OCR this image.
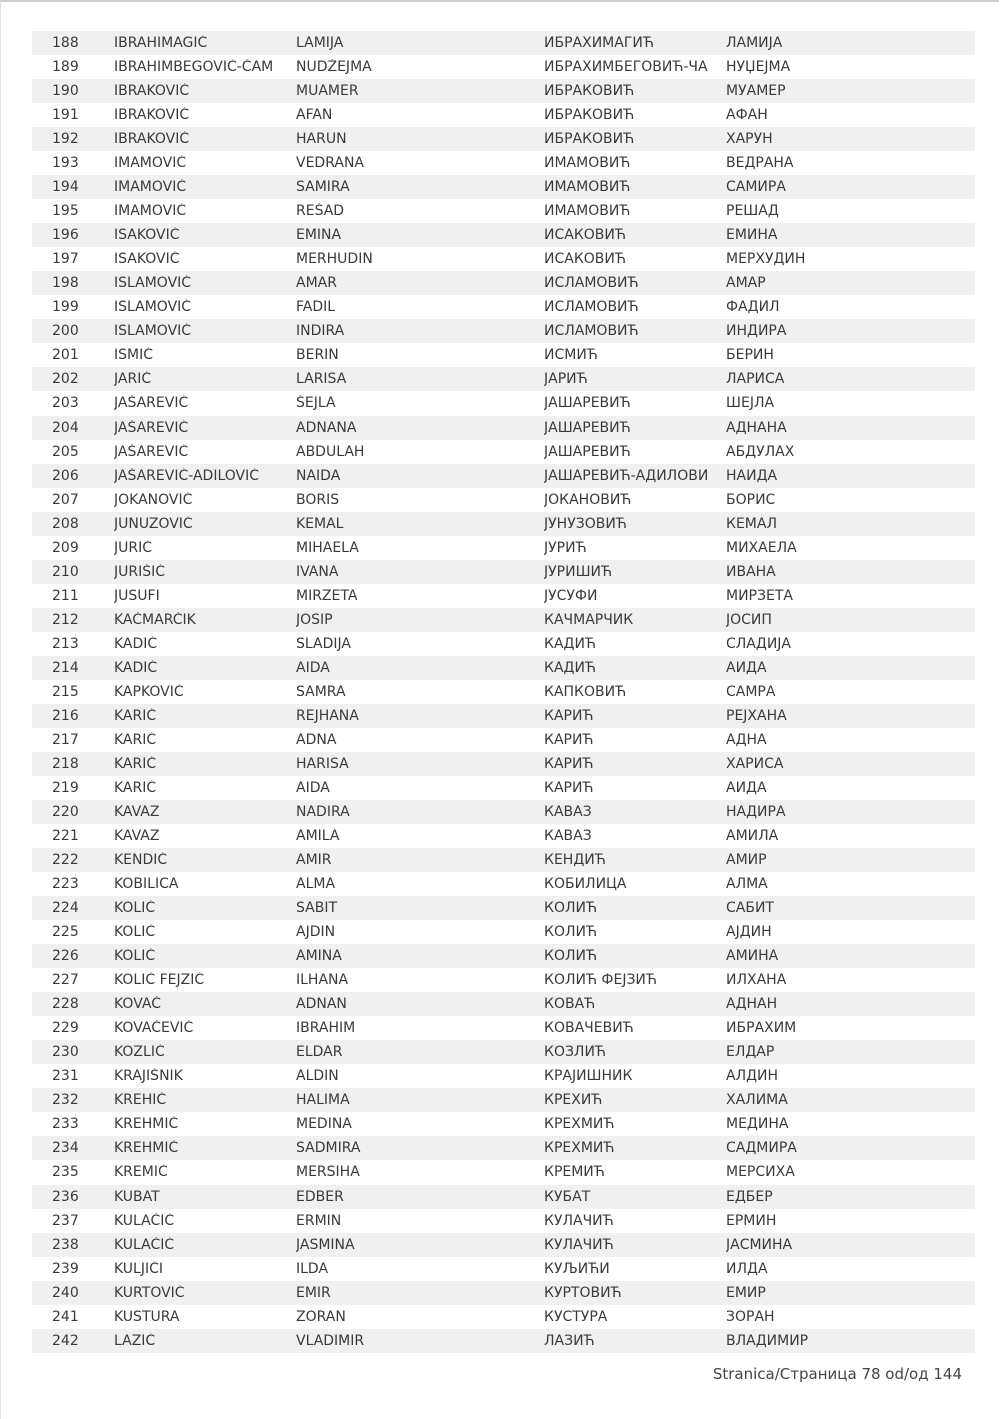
188	IBRAHIMAGIĆ	LAMIJA	ИБРАХИМАГИЋ	ЛАМИЈА
189	IBRAHIMBEGOVIĆ-ČAM	NUDŽEJMA	ИБРАХИМБЕГОВИЋ-ЧА	НУЏЕЈМА
190	IBRAKOVIĆ	MUAMER	ИБРАКОВИЋ	МУАМЕР
191	IBRAKOVIĆ	AFAN	ИБРАКОВИЋ	АФАН
192	IBRAKOVIĆ	HARUN	ИБРАКОВИЋ	ХАРУН
193	IMAMOVIĆ	VEDRANA	ИМАМОВИЋ	ВЕДРАНА
194	IMAMOVIĆ	SAMIRA	ИМАМОВИЋ	САМИРА
195	IMAMOVIĆ	REŠAD	ИМАМОВИЋ	РЕШАД
196	ISAKOVIĆ	EMINA	ИСАКОВИЋ	ЕМИНА
197	ISAKOVIĆ	MERHUDIN	ИСАКОВИЋ	МЕРХУДИН
198	ISLAMOVIĆ	AMAR	ИСЛАМОВИЋ	АМАР
199	ISLAMOVIĆ	FADIL	ИСЛАМОВИЋ	ФАДИЛ
200	ISLAMOVIĆ	INDIRA	ИСЛАМОВИЋ	ИНДИРА
201	ISMIĆ	BERIN	ИСМИЋ	БЕРИН
202	JARIĆ	LARISA	ЈАРИЋ	ЛАРИСА
203	JAŠAREVIĆ	ŠEJLA	ЈАШАРЕВИЋ	ШЕЈЛА
204	JAŠAREVIĆ	ADNANA	ЈАШАРЕВИЋ	АДНАНА
205	JAŠAREVIĆ	ABDULAH	ЈАШАРЕВИЋ	АБДУЛАХ
206	JAŠAREVIĆ-ADILOVIĆ	NAIDA	ЈАШАРЕВИЋ-АДИЛОВИ	НАИДА
207	JOKANOVIĆ	BORIS	ЈОКАНОВИЋ	БОРИС
208	JUNUZOVIĆ	KEMAL	ЈУНУЗОВИЋ	КЕМАЛ
209	JURIĆ	MIHAELA	ЈУРИЋ	МИХАЕЛА
210	JURIŠIĆ	IVANA	ЈУРИШИЋ	ИВАНА
211	JUSUFI	MIRZETA	ЈУСУФИ	МИРЗЕТА
212	KAČMARČIK	JOSIP	КАЧМАРЧИК	ЈОСИП
213	KADIĆ	SLADIJA	КАДИЋ	СЛАДИЈА
214	KADIĆ	AIDA	КАДИЋ	АИДА
215	KAPKOVIĆ	SAMRA	КАПКОВИЋ	САМРА
216	KARIĆ	REJHANA	КАРИЋ	РЕЈХАНА
217	KARIĆ	ADNA	КАРИЋ	АДНА
218	KARIĆ	HARISA	КАРИЋ	ХАРИСА
219	KARIĆ	AIDA	КАРИЋ	АИДА
220	KAVAZ	NADIRA	КАВАЗ	НАДИРА
221	KAVAZ	AMILA	КАВАЗ	АМИЛА
222	KENDIĆ	AMIR	КЕНДИЋ	АМИР
223	KOBILICA	ALMA	КОБИЛИЦА	АЛМА
224	KOLIĆ	SABIT	КОЛИЋ	САБИТ
225	KOLIĆ	AJDIN	КОЛИЋ	АЈДИН
226	KOLIĆ	AMINA	КОЛИЋ	АМИНА
227	KOLIĆ FEJZIĆ	ILHANA	КОЛИЋ ФЕЈЗИЋ	ИЛХАНА
228	KOVAĆ	ADNAN	КОВАЋ	АДНАН
229	KOVAČEVIĆ	IBRAHIM	КОВАЧЕВИЋ	ИБРАХИМ
230	KOZLIĆ	ELDAR	КОЗЛИЋ	ЕЛДАР
231	KRAJIŠNIK	ALDIN	КРАЈИШНИК	АЛДИН
232	KREHIĆ	HALIMA	КРЕХИЋ	ХАЛИМА
233	KREHMIĆ	MEDINA	КРЕХМИЋ	МЕДИНА
234	KREHMIĆ	SADMIRA	КРЕХМИЋ	САДМИРА
235	KREMIĆ	MERSIHA	КРЕМИЋ	МЕРСИХА
236	KUBAT	EDBER	КУБАТ	ЕДБЕР
237	KULAČIĆ	ERMIN	КУЛАЧИЋ	ЕРМИН
238	KULAČIĆ	JASMINA	КУЛАЧИЋ	ЈАСМИНА
239	KULJIĆI	ILDA	КУЉИЋИ	ИЛДА
240	KURTOVIĆ	EMIR	КУРТОВИЋ	ЕМИР
241	KUSTURA	ZORAN	КУСТУРА	ЗОРАН
242	LAZIĆ	VLADIMIR	ЛАЗИЋ	ВЛАДИМИР
Stranica/Страница 78 od/од 144
